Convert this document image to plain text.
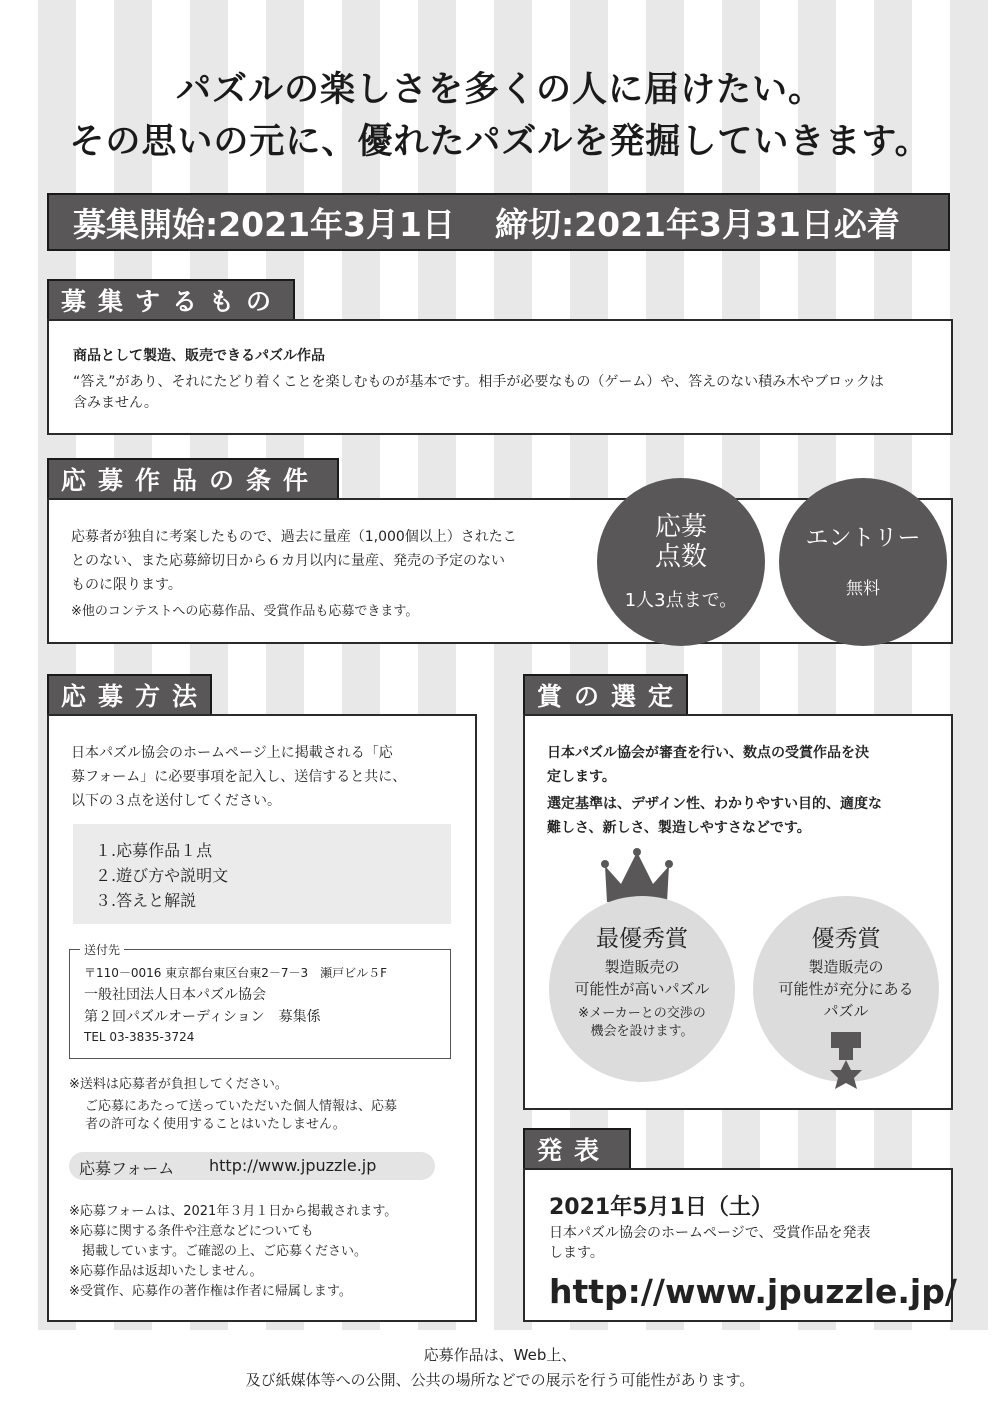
パズルの楽しさを多くの人に届けたい。
その思いの元に、優れたパズルを発掘していきます。
募集開始:2021年3月1日 締切:2021年3月31日必着
募集するもの
商品として製造、販売できるパズル作品
“答え”があり、それにたどり着くことを楽しむものが基本です。相手が必要なもの（ゲーム）や、答えのない積み木やブロックは
含みません。
応募作品の条件
応募者が独自に考案したもので、過去に量産（1,000個以上）されたこ
とのない、また応募締切日から６カ月以内に量産、発売の予定のない
ものに限ります。
※他のコンテストへの応募作品、受賞作品も応募できます。
応募
点数
1人3点まで。
エントリー
無料
応募方法
日本パズル協会のホームページ上に掲載される「応
募フォーム」に必要事項を記入し、送信すると共に、
以下の３点を送付してください。
１.応募作品１点
２.遊び方や説明文
３.答えと解説
送付先
〒110－0016 東京都台東区台東2－7－3　瀬戸ビル５F
一般社団法人日本パズル協会
第２回パズルオーディション　募集係
TEL 03-3835-3724
※送料は応募者が負担してください。
ご応募にあたって送っていただいた個人情報は、応募
者の許可なく使用することはいたしません。
応募フォーム http://www.jpuzzle.jp
※応募フォームは、2021年３月１日から掲載されます。
※応募に関する条件や注意などについても
　掲載しています。ご確認の上、ご応募ください。
※応募作品は返却いたしません。
※受賞作、応募作の著作権は作者に帰属します。
賞の選定
日本パズル協会が審査を行い、数点の受賞作品を決
定します。
選定基準は、デザイン性、わかりやすい目的、適度な
難しさ、新しさ、製造しやすさなどです。
最優秀賞
製造販売の
可能性が高いパズル
※メーカーとの交渉の
機会を設けます。
優秀賞
製造販売の
可能性が充分にある
パズル
発表
2021年5月1日（土）
日本パズル協会のホームページで、受賞作品を発表
します。
http://www.jpuzzle.jp/
応募作品は、Web上、
及び紙媒体等への公開、公共の場所などでの展示を行う可能性があります。
